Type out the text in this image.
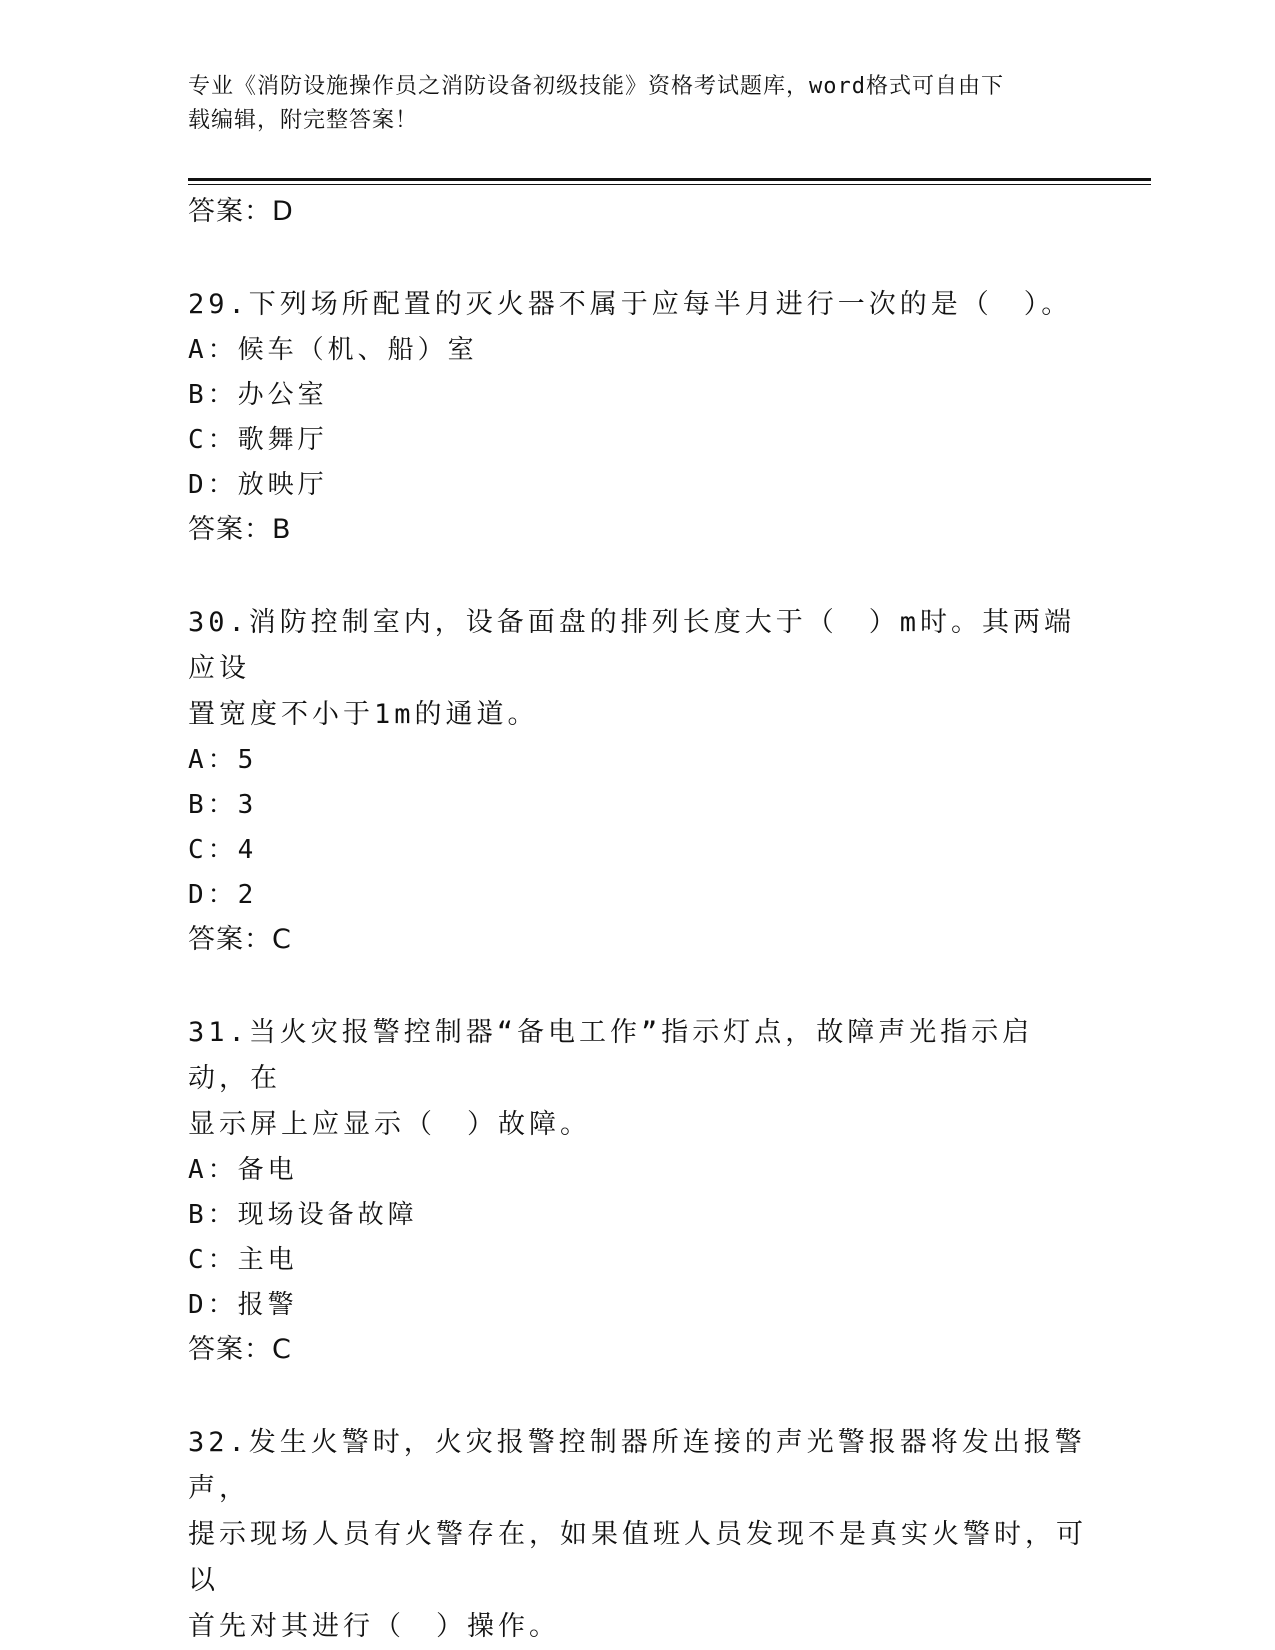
专业《消防设施操作员之消防设备初级技能》资格考试题库，word格式可自由下
载编辑，附完整答案！
答案：D
29.下列场所配置的灭火器不属于应每半月进行一次的是（　）。
A：候车（机、船）室
B：办公室
C：歌舞厅
D：放映厅
答案：B
30.消防控制室内，设备面盘的排列长度大于（　）m时。其两端应设
置宽度不小于1m的通道。
A：5
B：3
C：4
D：2
答案：C
31.当火灾报警控制器“备电工作”指示灯点，故障声光指示启动，在
显示屏上应显示（　）故障。
A：备电
B：现场设备故障
C：主电
D：报警
答案：C
32.发生火警时，火灾报警控制器所连接的声光警报器将发出报警声，
提示现场人员有火警存在，如果值班人员发现不是真实火警时，可以
首先对其进行（　）操作。
